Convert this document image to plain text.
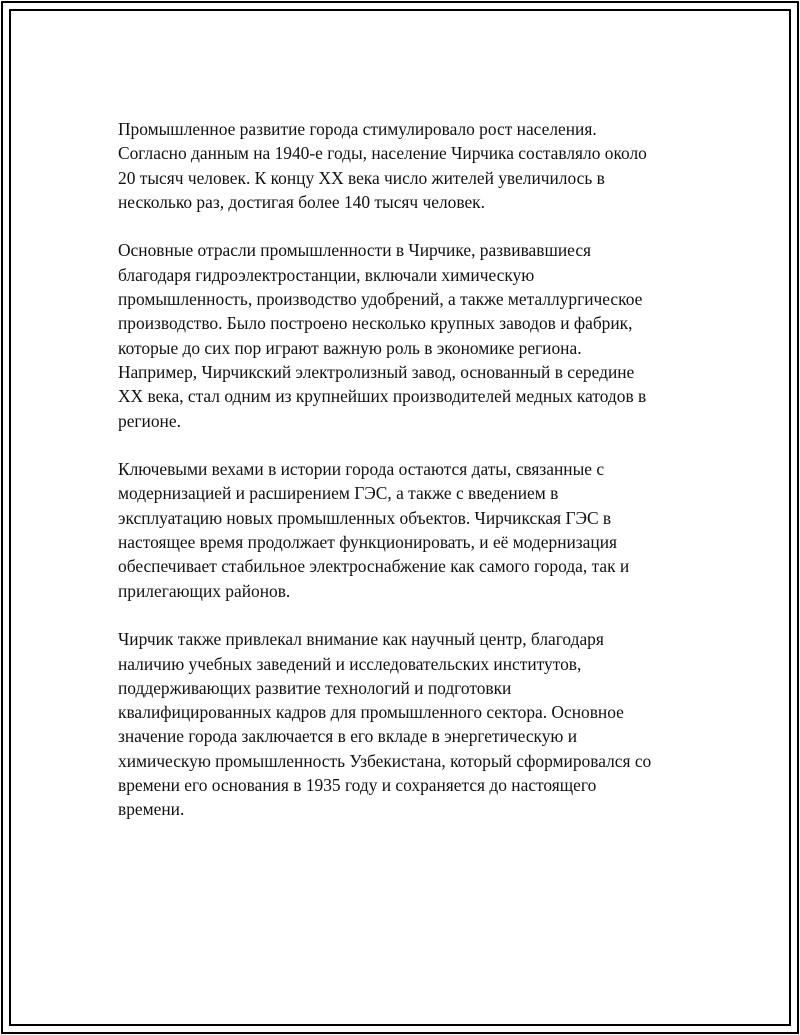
Промышленное развитие города стимулировало рост населения.
Согласно данным на 1940-е годы, население Чирчика составляло около
20 тысяч человек. К концу XX века число жителей увеличилось в
несколько раз, достигая более 140 тысяч человек.

Основные отрасли промышленности в Чирчике, развивавшиеся
благодаря гидроэлектростанции, включали химическую
промышленность, производство удобрений, а также металлургическое
производство. Было построено несколько крупных заводов и фабрик,
которые до сих пор играют важную роль в экономике региона.
Например, Чирчикский электролизный завод, основанный в середине
XX века, стал одним из крупнейших производителей медных катодов в
регионе.

Ключевыми вехами в истории города остаются даты, связанные с
модернизацией и расширением ГЭС, а также с введением в
эксплуатацию новых промышленных объектов. Чирчикская ГЭС в
настоящее время продолжает функционировать, и её модернизация
обеспечивает стабильное электроснабжение как самого города, так и
прилегающих районов.

Чирчик также привлекал внимание как научный центр, благодаря
наличию учебных заведений и исследовательских институтов,
поддерживающих развитие технологий и подготовки
квалифицированных кадров для промышленного сектора. Основное
значение города заключается в его вкладе в энергетическую и
химическую промышленность Узбекистана, который сформировался со
времени его основания в 1935 году и сохраняется до настоящего
времени.
